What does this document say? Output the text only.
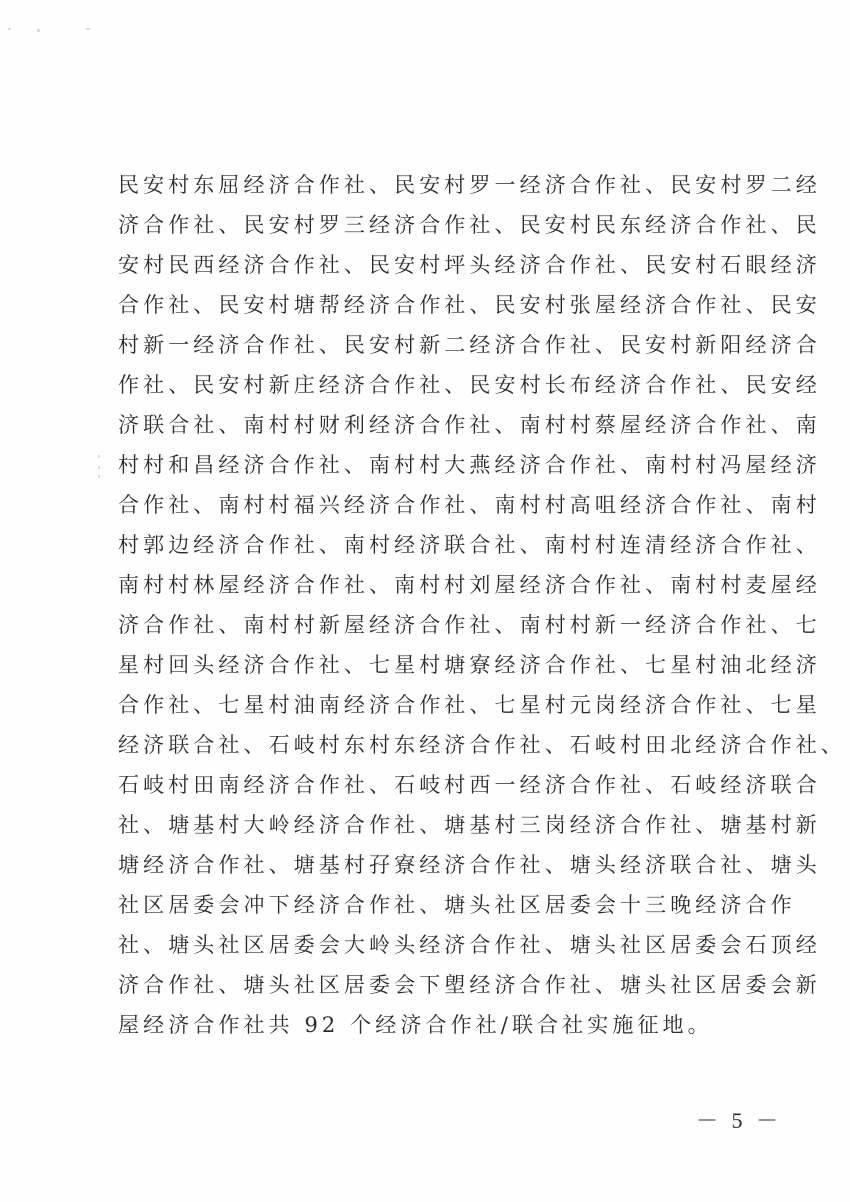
民安村东屈经济合作社、民安村罗一经济合作社、民安村罗二经
济合作社、民安村罗三经济合作社、民安村民东经济合作社、民
安村民西经济合作社、民安村坪头经济合作社、民安村石眼经济
合作社、民安村塘帮经济合作社、民安村张屋经济合作社、民安
村新一经济合作社、民安村新二经济合作社、民安村新阳经济合
作社、民安村新庄经济合作社、民安村长布经济合作社、民安经
济联合社、南村村财利经济合作社、南村村蔡屋经济合作社、南
村村和昌经济合作社、南村村大燕经济合作社、南村村冯屋经济
合作社、南村村福兴经济合作社、南村村高咀经济合作社、南村
村郭边经济合作社、南村经济联合社、南村村连清经济合作社、
南村村林屋经济合作社、南村村刘屋经济合作社、南村村麦屋经
济合作社、南村村新屋经济合作社、南村村新一经济合作社、七
星村回头经济合作社、七星村塘寮经济合作社、七星村油北经济
合作社、七星村油南经济合作社、七星村元岗经济合作社、七星
经济联合社、石岐村东村东经济合作社、石岐村田北经济合作社、
石岐村田南经济合作社、石岐村西一经济合作社、石岐经济联合
社、塘基村大岭经济合作社、塘基村三岗经济合作社、塘基村新
塘经济合作社、塘基村孖寮经济合作社、塘头经济联合社、塘头
社区居委会冲下经济合作社、塘头社区居委会十三晚经济合作
社、塘头社区居委会大岭头经济合作社、塘头社区居委会石顶经
济合作社、塘头社区居委会下塱经济合作社、塘头社区居委会新
屋经济合作社共 92 个经济合作社/联合社实施征地。
－ 5 －
